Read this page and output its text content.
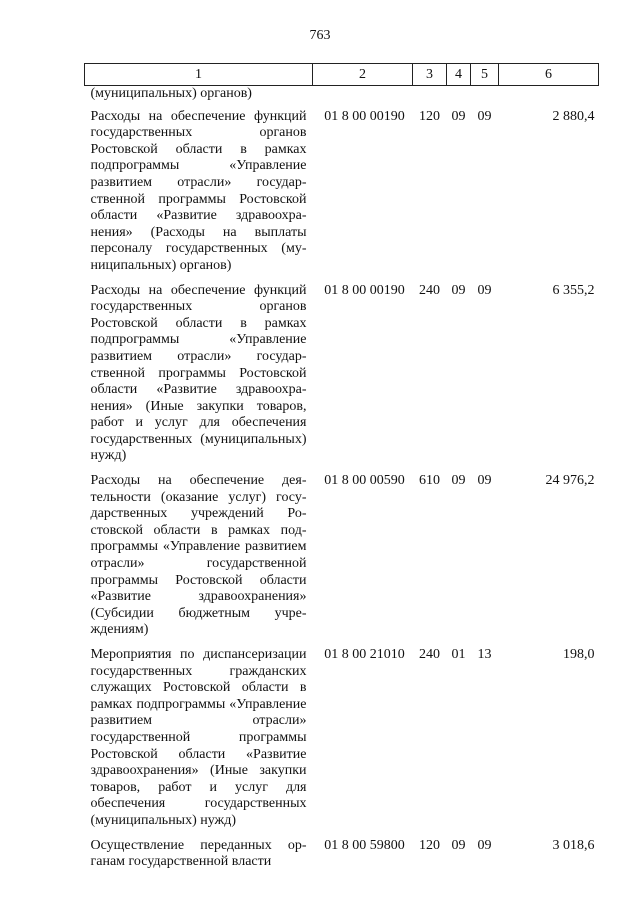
763
1	2	3	4	5	6
(муниципальных) органов)					
Расходы на обеспечение функций государственных органов Ростовской области в рамках подпрограммы «Управление развитием отрасли» государственной программы Ростовской области «Развитие здравоохранения» (Расходы на выплаты персоналу государственных (муниципальных) органов)	01 8 00 00190	120	09	09	2 880,4
Расходы на обеспечение функций государственных органов Ростовской области в рамках подпрограммы «Управление развитием отрасли» государственной программы Ростовской области «Развитие здравоохранения» (Иные закупки товаров, работ и услуг для обеспечения государственных (муниципальных) нужд)	01 8 00 00190	240	09	09	6 355,2
Расходы на обеспечение деятельности (оказание услуг) государственных учреждений Ростовской области в рамках подпрограммы «Управление развитием отрасли» государственной программы Ростовской области «Развитие здравоохранения» (Субсидии бюджетным учреждениям)	01 8 00 00590	610	09	09	24 976,2
Мероприятия по диспансеризaции государственных гражданских служащих Ростовской области в рамках подпрограммы «Управление развитием отрасли» государственной программы Ростовской области «Развитие здравоохранения» (Иные закупки товаров, работ и услуг для обеспечения государственных (муниципальных) нужд)	01 8 00 21010	240	01	13	198,0
Осуществление переданных органам государственной власти	01 8 00 59800	120	09	09	3 018,6
